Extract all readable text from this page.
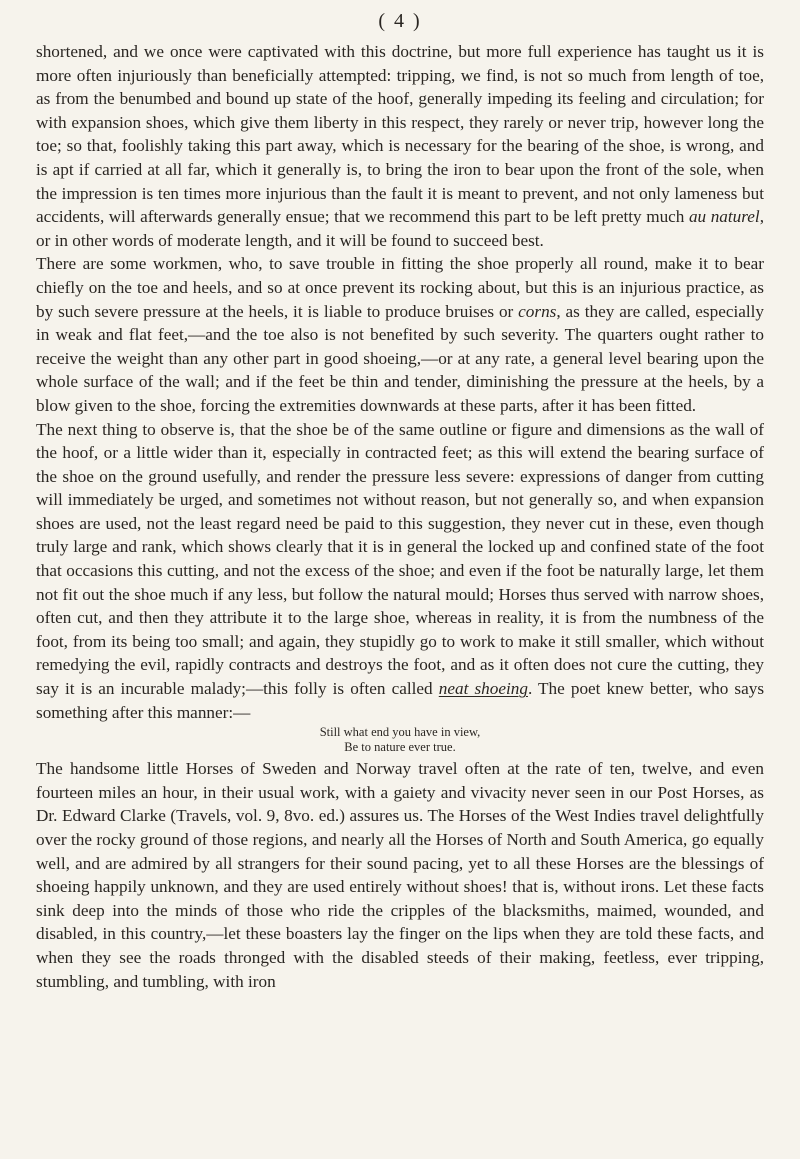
( 4 )

shortened, and we once were captivated with this doctrine, but more full experience has taught us it is more often injuriously than beneficially attempted: tripping, we find, is not so much from length of toe, as from the benumbed and bound up state of the hoof, generally impeding its feeling and circulation; for with expansion shoes, which give them liberty in this respect, they rarely or never trip, however long the toe; so that, foolishly taking this part away, which is necessary for the bearing of the shoe, is wrong, and is apt if carried at all far, which it generally is, to bring the iron to bear upon the front of the sole, when the impression is ten times more injurious than the fault it is meant to prevent, and not only lameness but accidents, will afterwards generally ensue; that we recommend this part to be left pretty much au naturel, or in other words of moderate length, and it will be found to succeed best.

There are some workmen, who, to save trouble in fitting the shoe properly all round, make it to bear chiefly on the toe and heels, and so at once prevent its rocking about, but this is an injurious practice, as by such severe pressure at the heels, it is liable to produce bruises or corns, as they are called, especially in weak and flat feet,—and the toe also is not benefited by such severity. The quarters ought rather to receive the weight than any other part in good shoeing,—or at any rate, a general level bearing upon the whole surface of the wall; and if the feet be thin and tender, diminishing the pressure at the heels, by a blow given to the shoe, forcing the extremities downwards at these parts, after it has been fitted.

The next thing to observe is, that the shoe be of the same outline or figure and dimensions as the wall of the hoof, or a little wider than it, especially in contracted feet; as this will extend the bearing surface of the shoe on the ground usefully, and render the pressure less severe: expressions of danger from cutting will immediately be urged, and sometimes not without reason, but not generally so, and when expansion shoes are used, not the least regard need be paid to this suggestion, they never cut in these, even though truly large and rank, which shows clearly that it is in general the locked up and confined state of the foot that occasions this cutting, and not the excess of the shoe; and even if the foot be naturally large, let them not fit out the shoe much if any less, but follow the natural mould; Horses thus served with narrow shoes, often cut, and then they attribute it to the large shoe, whereas in reality, it is from the numbness of the foot, from its being too small; and again, they stupidly go to work to make it still smaller, which without remedying the evil, rapidly contracts and destroys the foot, and as it often does not cure the cutting, they say it is an incurable malady;—this folly is often called neat shoeing. The poet knew better, who says something after this manner:—

Still what end you have in view,
Be to nature ever true.

The handsome little Horses of Sweden and Norway travel often at the rate of ten, twelve, and even fourteen miles an hour, in their usual work, with a gaiety and vivacity never seen in our Post Horses, as Dr. Edward Clarke (Travels, vol. 9, 8vo. ed.) assures us. The Horses of the West Indies travel delightfully over the rocky ground of those regions, and nearly all the Horses of North and South America, go equally well, and are admired by all strangers for their sound pacing, yet to all these Horses are the blessings of shoeing happily unknown, and they are used entirely without shoes! that is, without irons. Let these facts sink deep into the minds of those who ride the cripples of the blacksmiths, maimed, wounded, and disabled, in this country,—let these boasters lay the finger on the lips when they are told these facts, and when they see the roads thronged with the disabled steeds of their making, feetless, ever tripping, stumbling, and tumbling, with iron
